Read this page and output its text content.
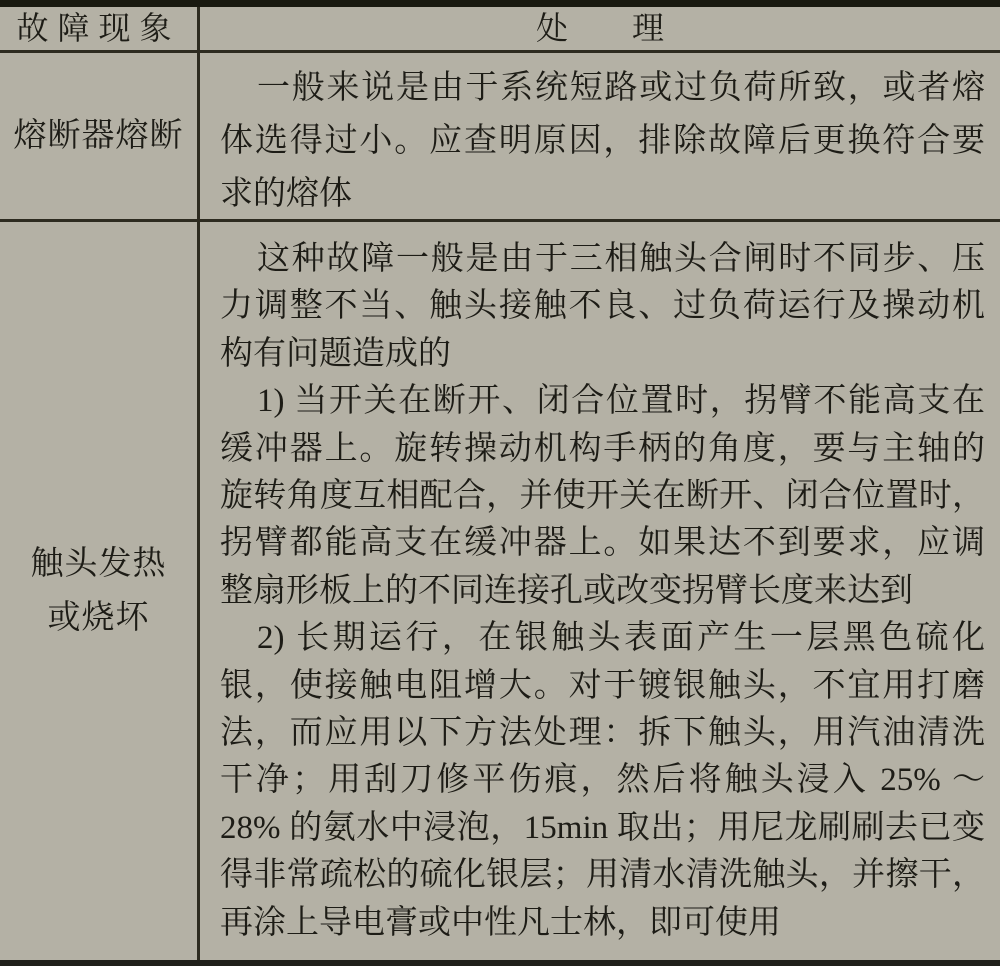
故障现象	处　　理
熔断器熔断
一般来说是由于系统短路或过负荷所致，或者熔
体选得过小。应查明原因，排除故障后更换符合要
求的熔体
触头发热
或烧坏
这种故障一般是由于三相触头合闸时不同步、压
力调整不当、触头接触不良、过负荷运行及操动机
构有问题造成的
1) 当开关在断开、闭合位置时，拐臂不能高支在
缓冲器上。旋转操动机构手柄的角度，要与主轴的
旋转角度互相配合，并使开关在断开、闭合位置时，
拐臂都能高支在缓冲器上。如果达不到要求，应调
整扇形板上的不同连接孔或改变拐臂长度来达到
2) 长期运行，在银触头表面产生一层黑色硫化
银，使接触电阻增大。对于镀银触头，不宜用打磨
法，而应用以下方法处理：拆下触头，用汽油清洗
干净；用刮刀修平伤痕，然后将触头浸入 25% ～
28% 的氨水中浸泡，15min 取出；用尼龙刷刷去已变
得非常疏松的硫化银层；用清水清洗触头，并擦干，
再涂上导电膏或中性凡士林，即可使用
